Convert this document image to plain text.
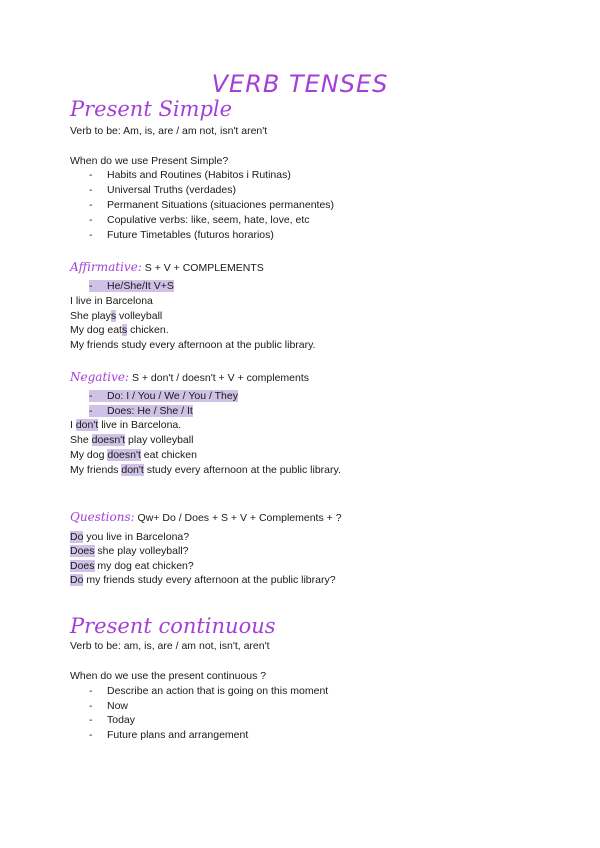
VERB TENSES
Present Simple
Verb to be: Am, is, are / am not, isn't aren't
When do we use Present Simple?
- Habits and Routines (Habitos i Rutinas)
- Universal Truths (verdades)
- Permanent Situations (situaciones permanentes)
- Copulative verbs: like, seem, hate, love, etc
- Future Timetables (futuros horarios)
Affirmative: S + V + COMPLEMENTS
- He/She/It V+S
I live in Barcelona
She plays volleyball
My dog eats chicken.
My friends study every afternoon at the public library.
Negative: S + don't / doesn't + V + complements
- Do: I / You / We / You / They
- Does: He / She / It
I don't live in Barcelona.
She doesn't play volleyball
My dog doesn't eat chicken
My friends don't study every afternoon at the public library.
Questions: Qw+ Do / Does + S + V + Complements + ?
Do you live in Barcelona?
Does she play volleyball?
Does my dog eat chicken?
Do my friends study every afternoon at the public library?
Present continuous
Verb to be: am, is, are / am not, isn't, aren't
When do we use the present continuous ?
- Describe an action that is going on this moment
- Now
- Today
- Future plans and arrangement
